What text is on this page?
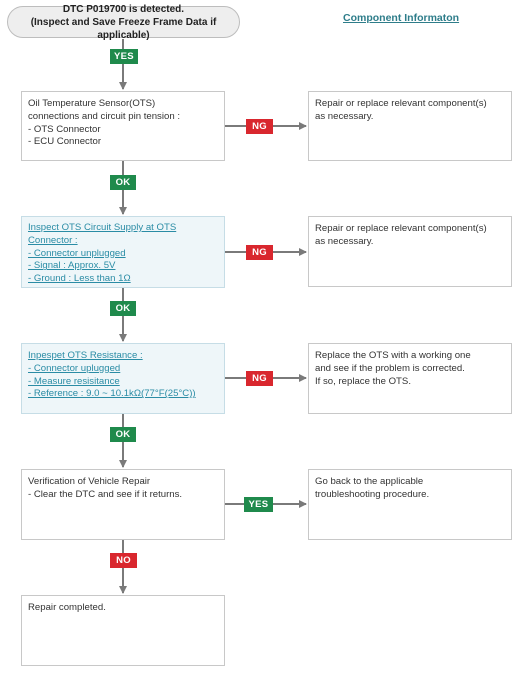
DTC P019700 is detected.
(Inspect and Save Freeze Frame Data if applicable)
Component Informaton
YES
OK
OK
OK
NG
NG
NG
YES
NO
Oil Temperature Sensor(OTS)
connections and circuit pin tension :
- OTS Connector
- ECU Connector
Inspect OTS Circuit Supply at OTS
Connector :
- Connector unplugged
- Signal : Approx. 5V
- Ground : Less than 1Ω
Inpespet OTS Resistance :
- Connector uplugged
- Measure resisitance
- Reference : 9.0 ~ 10.1kΩ(77°F(25°C))
Verification of Vehicle Repair
- Clear the DTC and see if it returns.
Repair completed.
Repair or replace relevant component(s)
as necessary.
Repair or replace relevant component(s)
as necessary.
Replace the OTS with a working one
and see if the problem is corrected.
If so, replace the OTS.
Go back to the applicable
troubleshooting procedure.
